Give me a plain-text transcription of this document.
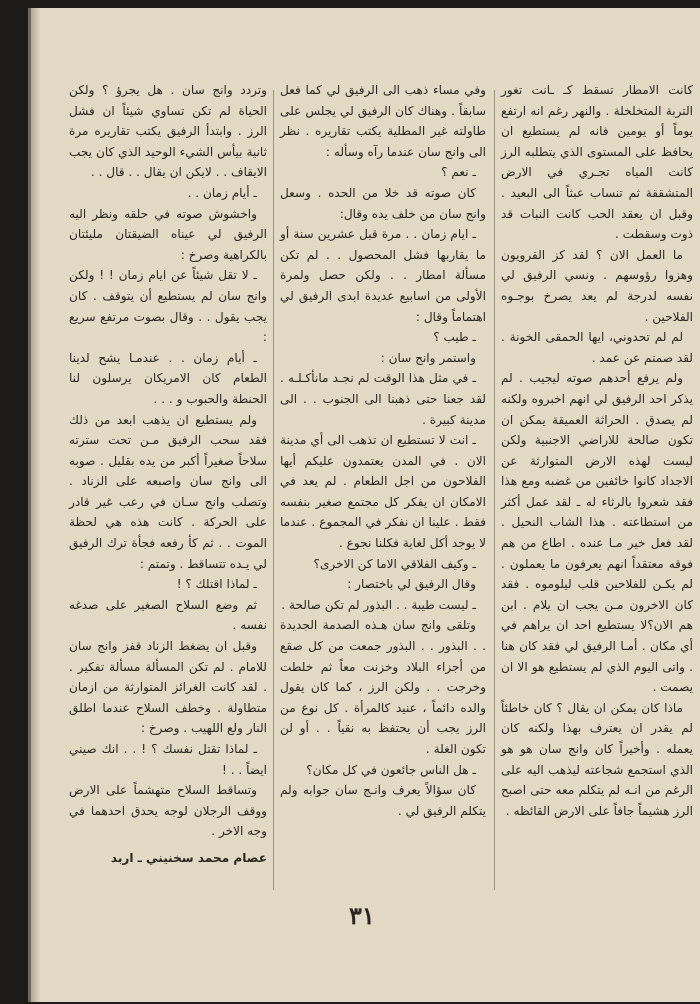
كانت الامطار تسقط كـ ـانت تغور التربة المتخلخلة . والنهر رغم انه ارتفع يوماً أو يومين فانه لم يستطيع ان يحافظ على المستوى الذي يتطلبه الرز كانت المياه تجـري في الارض المتشققة ثم تنساب عبثاً الى البعيد . وقبل ان يعقد الحب كانت النبات قد ذوت وسقطت .

ما العمل الان ؟ لقد كز القرويون وهزوا رؤوسهم . ونسي الرفيق لي نفسه لدرجة لم يعد يصرخ بوجـوه الفلاحين .

لم لم تحدوني، ايها الحمقى الخونة . لقد صمتم عن عمد .

ولم يرفع أحدهم صوته ليجيب . لم يذكر احد الرفيق لي انهم اخبروه ولكنه لم يصدق . الحراثة العميقة يمكن ان تكون صالحة للاراضي الاجنبية ولكن ليست لهذه الارض المتوارثة عن الاجداد كانوا خائفين من غضبه ومع هذا فقد شعروا بالرثاء له ـ لقد عمل أكثر من استطاعته . هذا الشاب النحيل . لقد فعل خير مـا عنده . اطاع من هم فوقه معتقداً انهم يعرفون ما يعملون . لم يكـن للفلاحين قلب ليلوموه . فقد كان الاخرون مـن يجب ان يلام . ابن هم الان؟لا يستطيع احد ان يراهم في أي مكان . أمـا الرفيق لي فقد كان هنا . واتى اليوم الذي لم يستطيع هو الا ان يصمت .

ماذا كان يمكن ان يقال ؟ كان خاطئاً لم يقدر ان يعترف بهذا ولكنه كان يعمله . وأخيراً كان وانج سان هو هو الذي استجمع شجاعته ليذهب اليه على الرغم من انـه لم يتكلم معه حتى اصبح الرز هشيماً جافاً على الارض القائظه .

وفي مساء ذهب الى الرفيق لي كما فعل سابقاً . وهناك كان الرفيق لي يجلس على طاولته غير المطلية يكتب تقاريره . نظر الى وانج سان عندما رآه وسأله :

ـ نعم ؟

كان صوته قد خلا من الحده . وسعل وانج سان من خلف يده وقال:

ـ ايام زمان . . مرة قبل عشرين سنة أو ما يقاربها فشل المحصول . . لم تكن مسألة امطار . . ولكن حصل ولمرة الأولى من اسابيع عديدة ابدى الرفيق لي اهتماماً وقال :

ـ طيب ؟

واستمر وانج سان :

ـ في مثل هذا الوقت لم نجـد مانأكـلـه . لقد جعنا حتى ذهبنا الى الجنوب . . الى مدينة كبيرة .

ـ انت لا تستطيع ان تذهب الى أي مدينة الان . في المدن يعتمدون عليكم أيها الفلاحون من اجل الطعام . لم يعد في الامكان ان يفكر كل مجتمع صغير بنفسه فقط . علينا ان نفكر في المجموع . عندما لا يوجد أكل لغاية فكلنا نجوع .

ـ وكيف الفلاقي الاما كن الاخرى؟

وقال الرفيق لي باختصار :

ـ ليست طيبة . . البذور لم تكن صالحة .

وتلقى وانج سان هـذه الصدمة الجديدة . . البذور . . البذور جمعت من كل صقع من أجزاء البلاد وخزنت معاً ثم خلطت وخرجت . . ولكن الرز ، كما كان يقول والده دائماً ، عنيد كالمرأة . كل نوع من الرز يجب أن يحتفظ به نقياً . . أو لن تكون الغلة .

ـ هل الناس جائعون في كل مكان؟

كان سؤالاً يعرف وانـج سان جوابه ولم يتكلم الرفيق لي .

وتردد وانج سان . هل يجرؤ ؟ ولكن الحياة لم تكن تساوي شيئاً ان فشل الرز . وابتدأ الرفيق يكتب تقاريره مرة ثانية بيأس الشيء الوحيد الذي كان يجب الايقاف . . لايكن ان يقال . . قال . .

ـ أيام زمان . .

واخشوش صوته في حلقه ونظر اليه الرفيق لي عيناه الضيقتان مليئتان بالكراهية وصرخ :

ـ لا تقل شيئاً عن ايام زمان ! ! ولكن وانج سان لم يستطيع أن يتوقف . كان يجب يقول . . وقال بصوت مرتفع سريع :

ـ أيام زمان . . عندمـا يشح لدينا الطعام كان الامريكان يرسلون لنا الحنطة والحبوب و . . .

ولم يستطيع ان يذهب ابعد من ذلك فقد سحب الرفيق مـن تحت سترته سلاحاً صغيراً أكبر من يده بقليل . صوبه الى وانج سان واصبعه على الزناد . وتصلب وانج سـان في رعب غير قادر على الحركة . كانت هذه هي لحظة الموت . . ثم كأ رفعه فجأة ترك الرفيق لي يـده تتساقط . وتمتم :

ـ لماذا اقتلك ؟ !

ثم وضع السلاح الصغير على صدغه نفسه .

وقبل ان يضغط الزناد قفز وانج سان للامام . لم تكن المسألة مسألة تفكير . . لقد كانت الغرائز المتوارثة من ازمان متطاولة . وخطف السلاح عندما اطلق النار ولع اللهيب . وصرخ :

ـ لماذا تقتل نفسك ؟ ! . . انك صيني ايضاً . . !

وتساقط السلاح متهشماً على الارض ووقف الرجلان لوجه يحدق احدهما في وجه الاخر .

عصام محمد سخنيني ـ اربد

٣١
